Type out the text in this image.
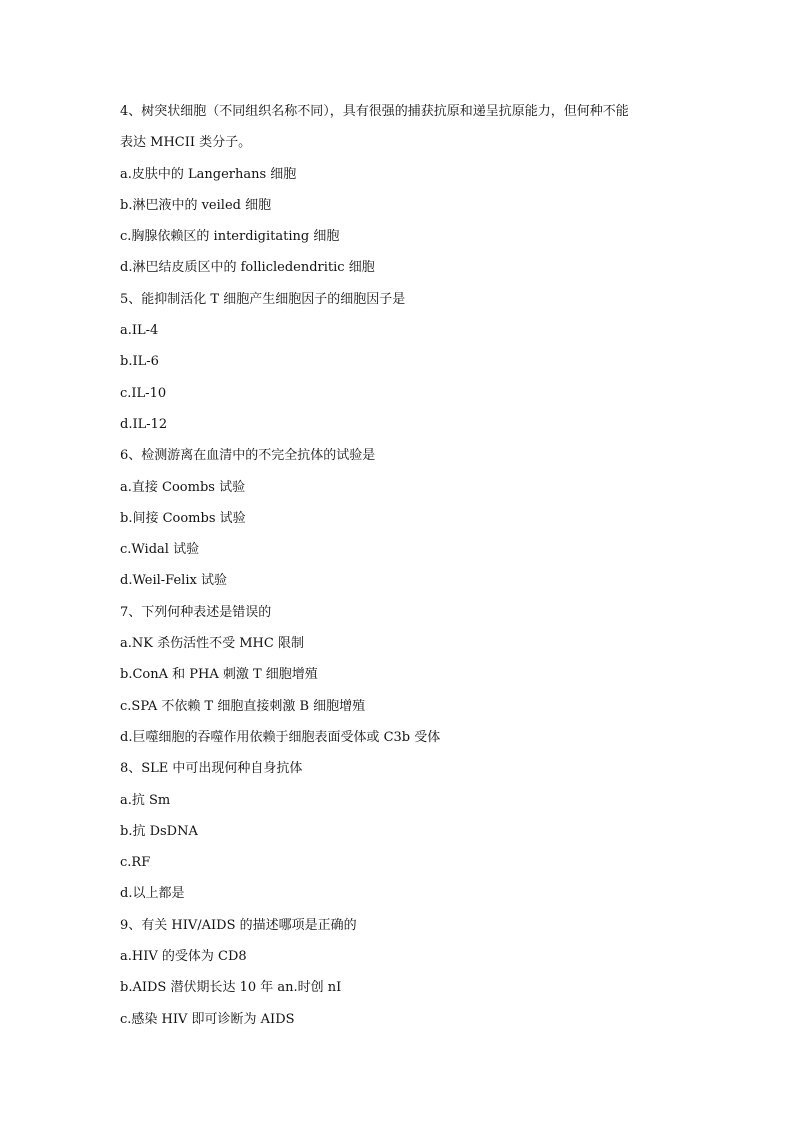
4、树突状细胞（不同组织名称不同），具有很强的捕获抗原和递呈抗原能力，但何种不能
表达 MHCII 类分子。
a.皮肤中的 Langerhans 细胞
b.淋巴液中的 veiled 细胞
c.胸腺依赖区的 interdigitating 细胞
d.淋巴结皮质区中的 follicledendritic 细胞
5、能抑制活化 T 细胞产生细胞因子的细胞因子是
a.IL-4
b.IL-6
c.IL-10
d.IL-12
6、检测游离在血清中的不完全抗体的试验是
a.直接 Coombs 试验
b.间接 Coombs 试验
c.Widal 试验
d.Weil-Felix 试验
7、下列何种表述是错误的
a.NK 杀伤活性不受 MHC 限制
b.ConA 和 PHA 刺激 T 细胞增殖
c.SPA 不依赖 T 细胞直接刺激 B 细胞增殖
d.巨噬细胞的吞噬作用依赖于细胞表面受体或 C3b 受体
8、SLE 中可出现何种自身抗体
a.抗 Sm
b.抗 DsDNA
c.RF
d.以上都是
9、有关 HIV/AIDS 的描述哪项是正确的
a.HIV 的受体为 CD8
b.AIDS 潜伏期长达 10 年 an.时创 nI
c.感染 HIV 即可诊断为 AIDS
